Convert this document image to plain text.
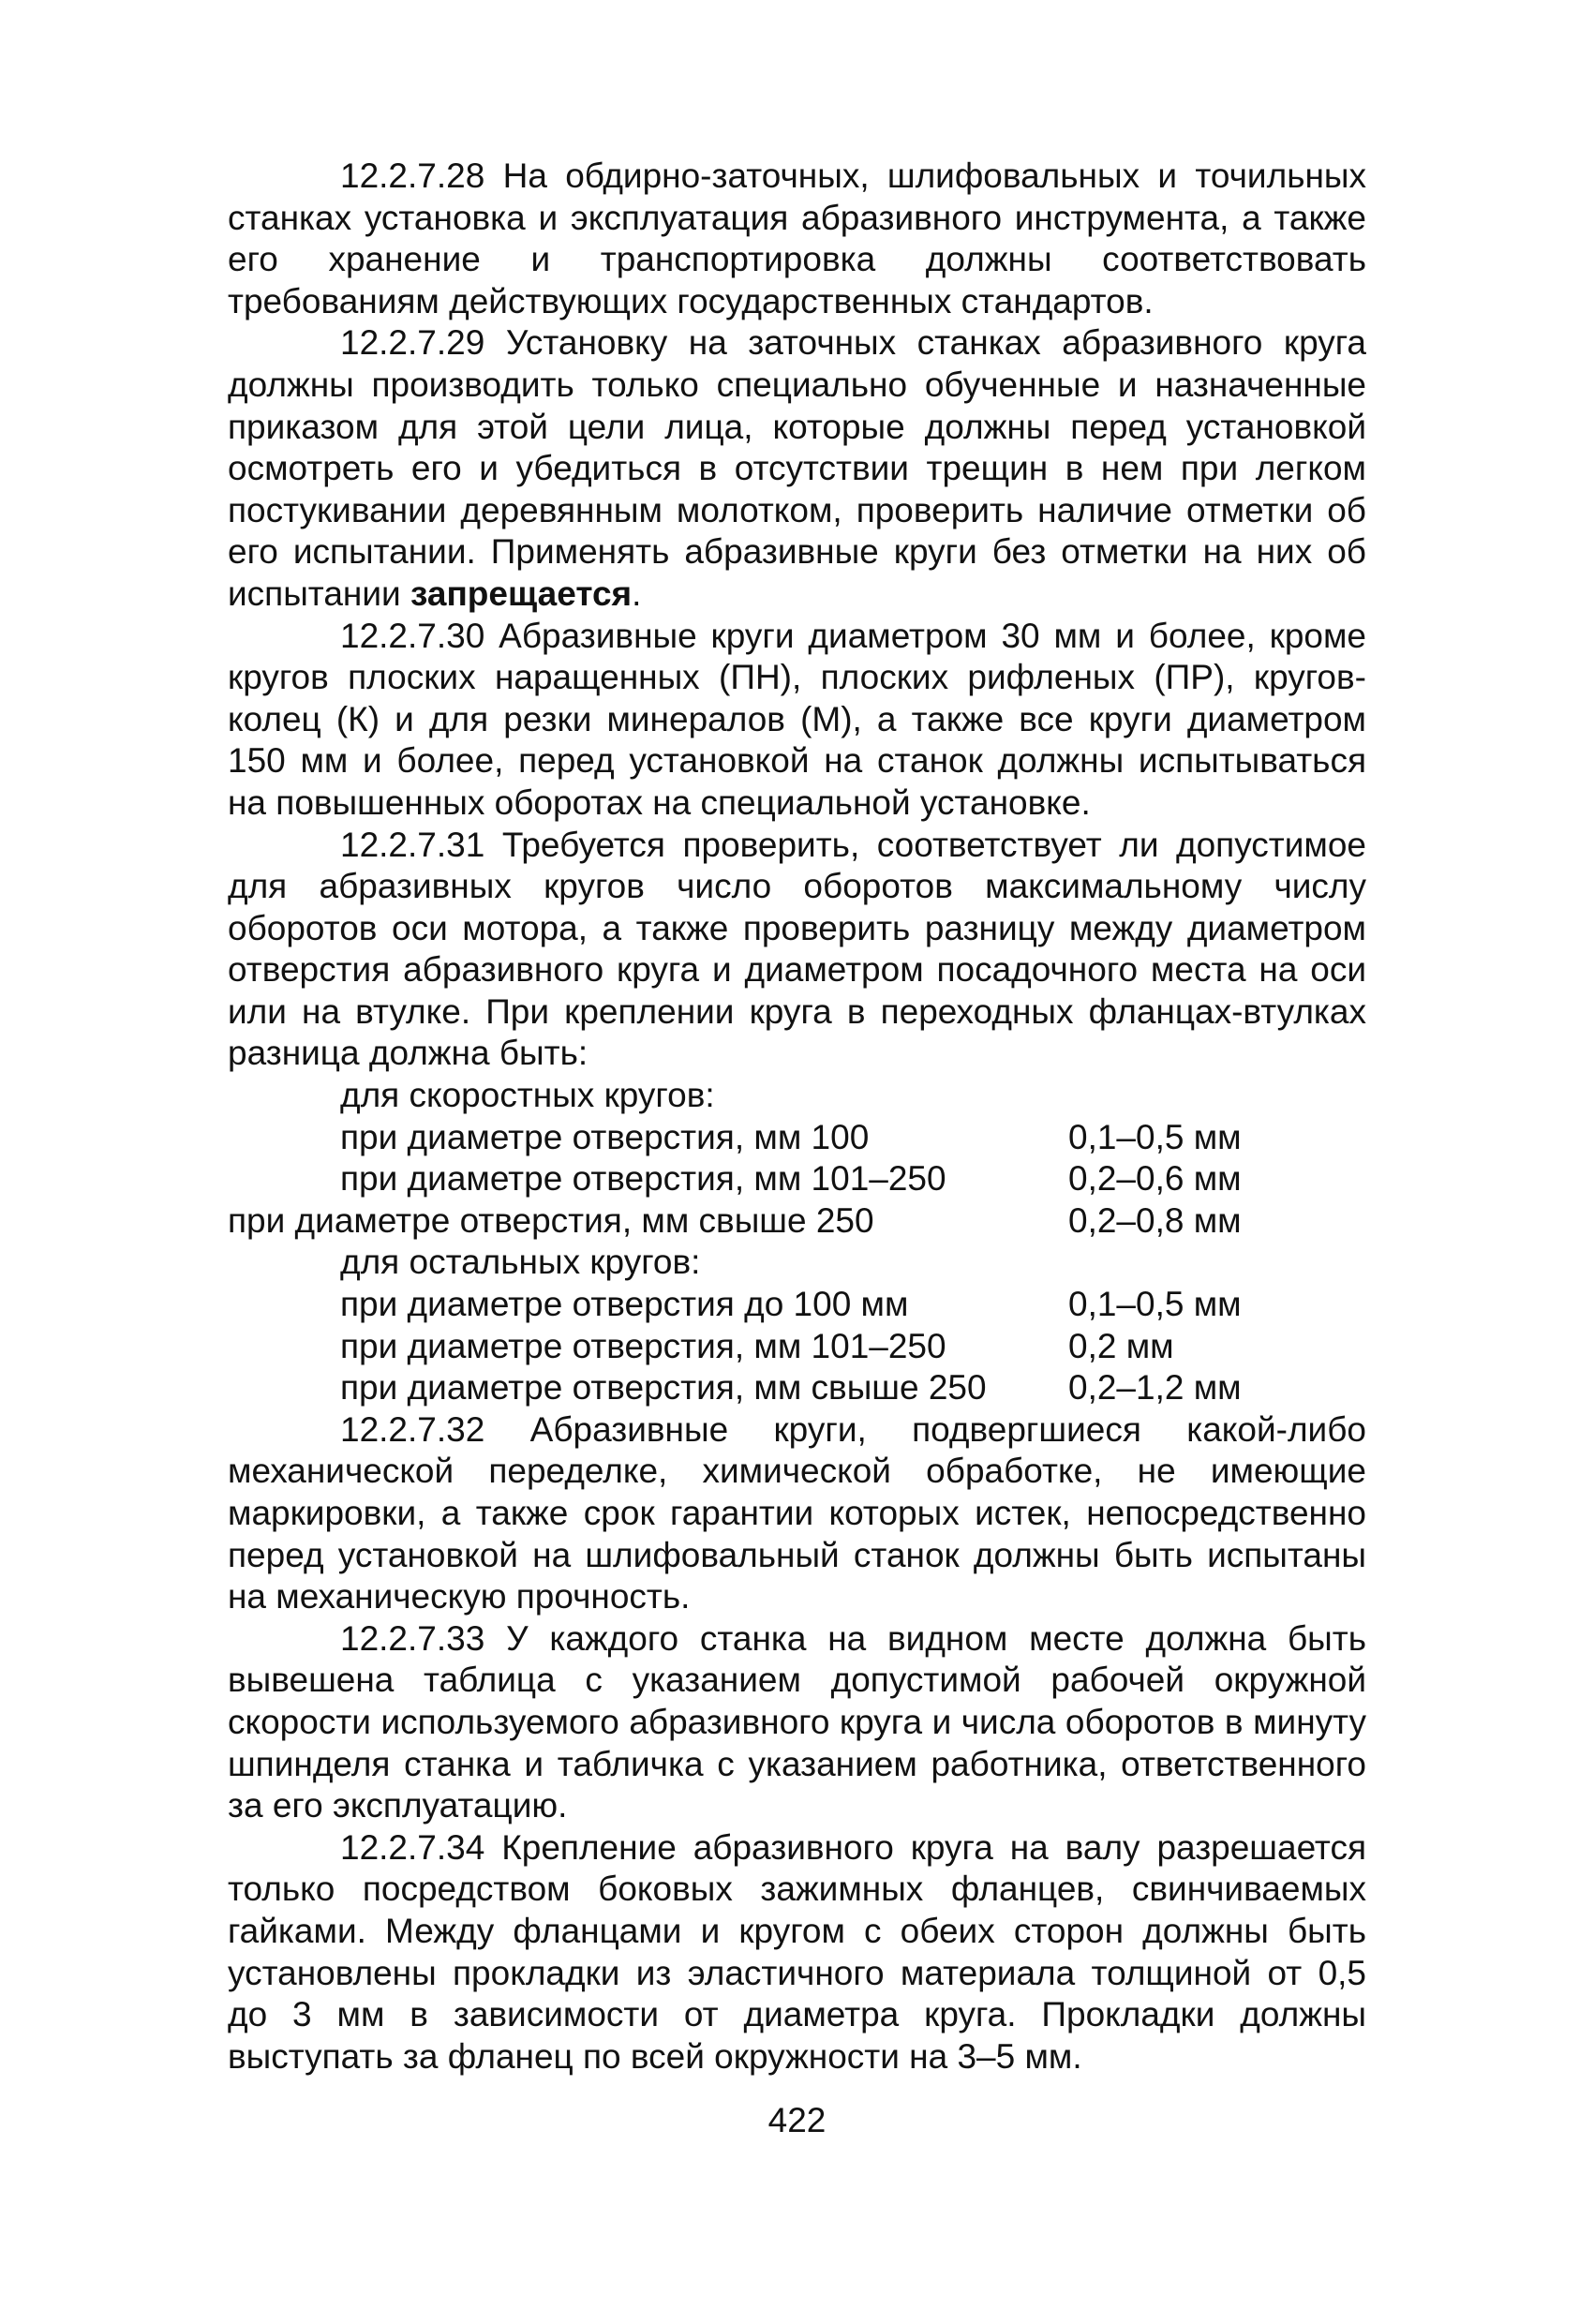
12.2.7.28 На обдирно-заточных, шлифовальных и точильных станках установка и эксплуатация абразивного инструмента, а также его хранение и транспортировка должны соответствовать требованиям действующих государственных стандартов.

12.2.7.29 Установку на заточных станках абразивного круга должны производить только специально обученные и назначенные приказом для этой цели лица, которые должны перед установкой осмотреть его и убедиться в отсутствии трещин в нем при легком постукивании деревянным молотком, проверить наличие отметки об его испытании. Применять абразивные круги без отметки на них об испытании запрещается.

12.2.7.30 Абразивные круги диаметром 30 мм и более, кроме кругов плоских наращенных (ПН), плоских рифленых (ПР), кругов-колец (К) и для резки минералов (М), а также все круги диаметром 150 мм и более, перед установкой на станок должны испытываться на повышенных оборотах на специальной установке.

12.2.7.31 Требуется проверить, соответствует ли допустимое для абразивных кругов число оборотов максимальному числу оборотов оси мотора, а также проверить разницу между диаметром отверстия абразивного круга и диаметром посадочного места на оси или на втулке. При креплении круга в переходных фланцах-втулках разница должна быть:

для скоростных кругов:
при диаметре отверстия, мм 100	0,1–0,5 мм
при диаметре отверстия, мм 101–250	0,2–0,6 мм
при диаметре отверстия, мм свыше 250	0,2–0,8 мм
для остальных кругов:
при диаметре отверстия до 100 мм	0,1–0,5 мм
при диаметре отверстия, мм 101–250	0,2 мм
при диаметре отверстия, мм свыше 250 0,2–1,2 мм

12.2.7.32 Абразивные круги, подвергшиеся какой-либо механической переделке, химической обработке, не имеющие маркировки, а также срок гарантии которых истек, непосредственно перед установкой на шлифовальный станок должны быть испытаны на механическую прочность.

12.2.7.33 У каждого станка на видном месте должна быть вывешена таблица с указанием допустимой рабочей окружной скорости используемого абразивного круга и числа оборотов в минуту шпинделя станка и табличка с указанием работника, ответственного за его эксплуатацию.

12.2.7.34 Крепление абразивного круга на валу разрешается только посредством боковых зажимных фланцев, свинчиваемых гайками. Между фланцами и кругом с обеих сторон должны быть установлены прокладки из эластичного материала толщиной от 0,5 до 3 мм в зависимости от диаметра круга. Прокладки должны выступать за фланец по всей окружности на 3–5 мм.

422
